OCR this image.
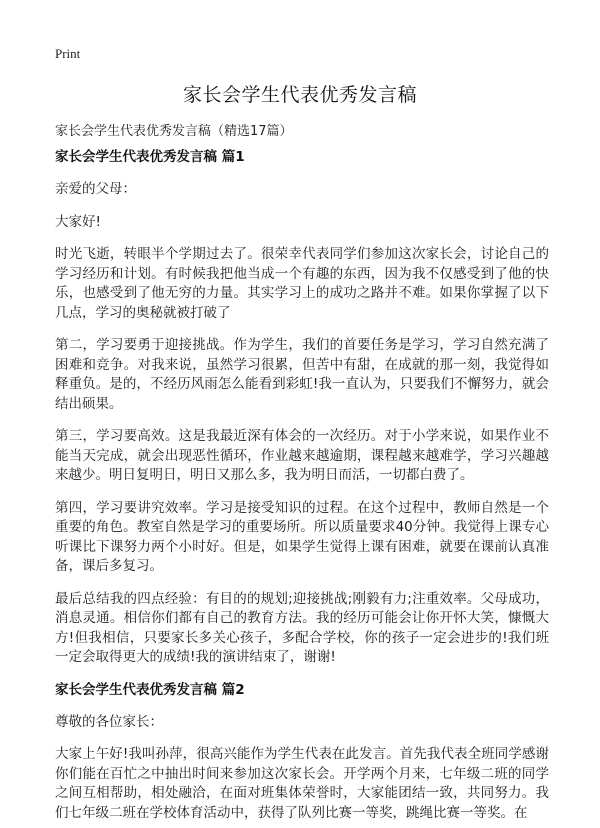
Print
家长会学生代表优秀发言稿
家长会学生代表优秀发言稿（精选17篇）
家长会学生代表优秀发言稿 篇1

亲爱的父母：

大家好!

时光飞逝，转眼半个学期过去了。很荣幸代表同学们参加这次家长会，讨论自己的学习经历和计划。有时候我把他当成一个有趣的东西，因为我不仅感受到了他的快乐，也感受到了他无穷的力量。其实学习上的成功之路并不难。如果你掌握了以下几点，学习的奥秘就被打破了

第二，学习要勇于迎接挑战。作为学生，我们的首要任务是学习，学习自然充满了困难和竞争。对我来说，虽然学习很累，但苦中有甜，在成就的那一刻，我觉得如释重负。是的，不经历风雨怎么能看到彩虹!我一直认为，只要我们不懈努力，就会结出硕果。

第三，学习要高效。这是我最近深有体会的一次经历。对于小学来说，如果作业不能当天完成，就会出现恶性循环，作业越来越逾期，课程越来越难学，学习兴趣越来越少。明日复明日，明日又那么多，我为明日而活，一切都白费了。

第四，学习要讲究效率。学习是接受知识的过程。在这个过程中，教师自然是一个重要的角色。教室自然是学习的重要场所。所以质量要求40分钟。我觉得上课专心听课比下课努力两个小时好。但是，如果学生觉得上课有困难，就要在课前认真准备，课后多复习。

最后总结我的四点经验：有目的的规划;迎接挑战;刚毅有力;注重效率。父母成功，消息灵通。相信你们都有自己的教育方法。我的经历可能会让你开怀大笑，慷慨大方!但我相信，只要家长多关心孩子，多配合学校，你的孩子一定会进步的!我们班一定会取得更大的成绩!我的演讲结束了，谢谢!

家长会学生代表优秀发言稿 篇2

尊敬的各位家长：

大家上午好!我叫孙萍，很高兴能作为学生代表在此发言。首先我代表全班同学感谢你们能在百忙之中抽出时间来参加这次家长会。开学两个月来，七年级二班的同学之间互相帮助，相处融洽，在面对班集体荣誉时，大家能团结一致，共同努力。我们七年级二班在学校体育活动中，获得了队列比赛一等奖，跳绳比赛一等奖。在
